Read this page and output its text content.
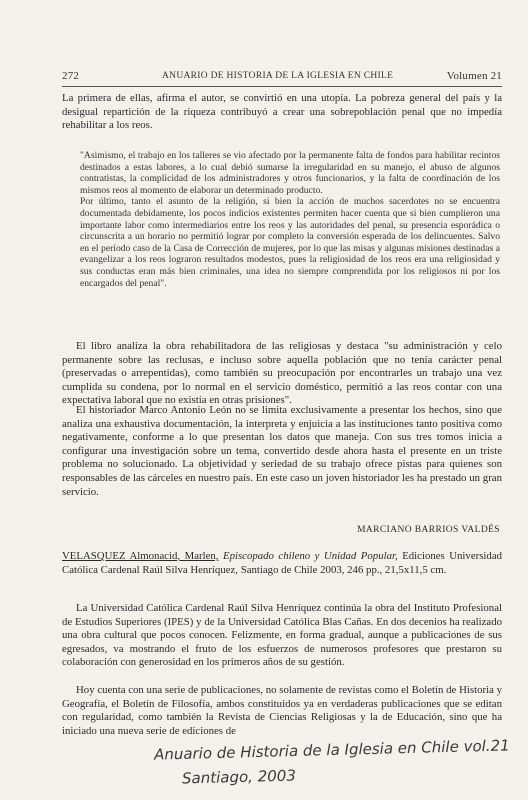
272	ANUARIO DE HISTORIA DE LA IGLESIA EN CHILE	Volumen 21
La primera de ellas, afirma el autor, se convirtió en una utopía. La pobreza general del país y la desigual repartición de la riqueza contribuyó a crear una sobrepoblación penal que no impedía rehabilitar a los reos.

"Asimismo, el trabajo en los talleres se vio afectado por la permanente falta de fondos para habilitar recintos destinados a estas labores, a lo cual debió sumarse la irregularidad en su manejo, el abuso de algunos contratistas, la complicidad de los administradores y otros funcionarios, y la falta de coordinación de los mismos reos al momento de elaborar un determinado producto.

Por último, tanto el asunto de la religión, si bien la acción de muchos sacerdotes no se encuentra documentada debidamente, los pocos indicios existentes permiten hacer cuenta que si bien cumplieron una importante labor como intermediarios entre los reos y las autoridades del penal, su presencia esporádica o circunscrita a un horario no permitió lograr por completo la conversión esperada de los delincuentes. Salvo en el período caso de la Casa de Corrección de mujeres, por lo que las misas y algunas misiones destinadas a evangelizar a los reos lograron resultados modestos, pues la religiosidad de los reos era una religiosidad y sus conductas eran más bien criminales, una idea no siempre comprendida por los religiosos ni por los encargados del penal".

El libro analiza la obra rehabilitadora de las religiosas y destaca "su administración y celo permanente sobre las reclusas, e incluso sobre aquella población que no tenía carácter penal (preservadas o arrepentidas), como también su preocupación por encontrarles un trabajo una vez cumplida su condena, por lo normal en el servicio doméstico, permitió a las reos contar con una expectativa laboral que no existía en otras prisiones".
El historiador Marco Antonio León no se limita exclusivamente a presentar los hechos, sino que analiza una exhaustiva documentación, la interpreta y enjuicia a las instituciones tanto positiva como negativamente, conforme a lo que presentan los datos que maneja. Con sus tres tomos inicia a configurar una investigación sobre un tema, convertido desde ahora hasta el presente en un triste problema no solucionado. La objetividad y seriedad de su trabajo ofrece pistas para quienes son responsables de las cárceles en nuestro país. En este caso un joven historiador les ha prestado un gran servicio.
MARCIANO BARRIOS VALDÉS
VELASQUEZ Almonacid, Marlen, Episcopado chileno y Unidad Popular, Ediciones Universidad Católica Cardenal Raúl Silva Henríquez, Santiago de Chile 2003, 246 pp., 21,5x11,5 cm.
La Universidad Católica Cardenal Raúl Silva Henríquez continúa la obra del Instituto Profesional de Estudios Superiores (IPES) y de la Universidad Católica Blas Cañas. En dos decenios ha realizado una obra cultural que pocos conocen. Felizmente, en forma gradual, aunque a publicaciones de sus egresados, va mostrando el fruto de los esfuerzos de numerosos profesores que prestaron su colaboración con generosidad en los primeros años de su gestión.
Hoy cuenta con una serie de publicaciones, no solamente de revistas como el Boletín de Historia y Geografía, el Boletín de Filosofía, ambos constituidos ya en verdaderas publicaciones que se editan con regularidad, como también la Revista de Ciencias Religiosas y la de Educación, sino que ha iniciado una nueva serie de ediciones de
Anuario de Historia de la Iglesia en Chile vol.21
Santiago, 2003
